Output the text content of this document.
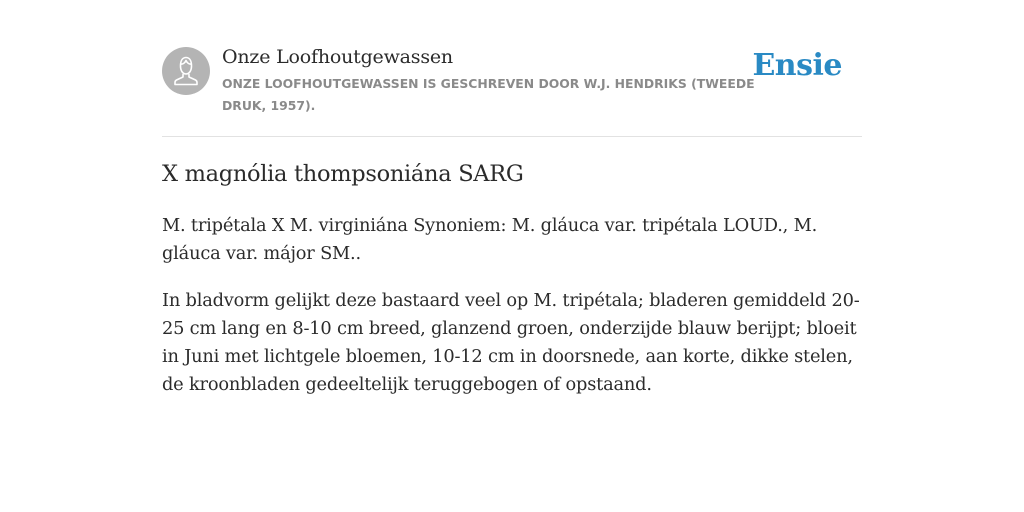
Onze Loofhoutgewassen
ONZE LOOFHOUTGEWASSEN IS GESCHREVEN DOOR W.J. HENDRIKS (TWEEDE DRUK, 1957).
Ensie
X magnólia thompsoniána SARG

M. tripétala X M. virginiána Synoniem: M. gláuca var. tripétala LOUD., M. gláuca var. májor SM..

In bladvorm gelijkt deze bastaard veel op M. tripétala; bladeren gemiddeld 20-25 cm lang en 8-10 cm breed, glanzend groen, onderzijde blauw berijpt; bloeit in Juni met lichtgele bloemen, 10-12 cm in doorsnede, aan korte, dikke stelen, de kroonbladen gedeeltelijk teruggebogen of opstaand.
